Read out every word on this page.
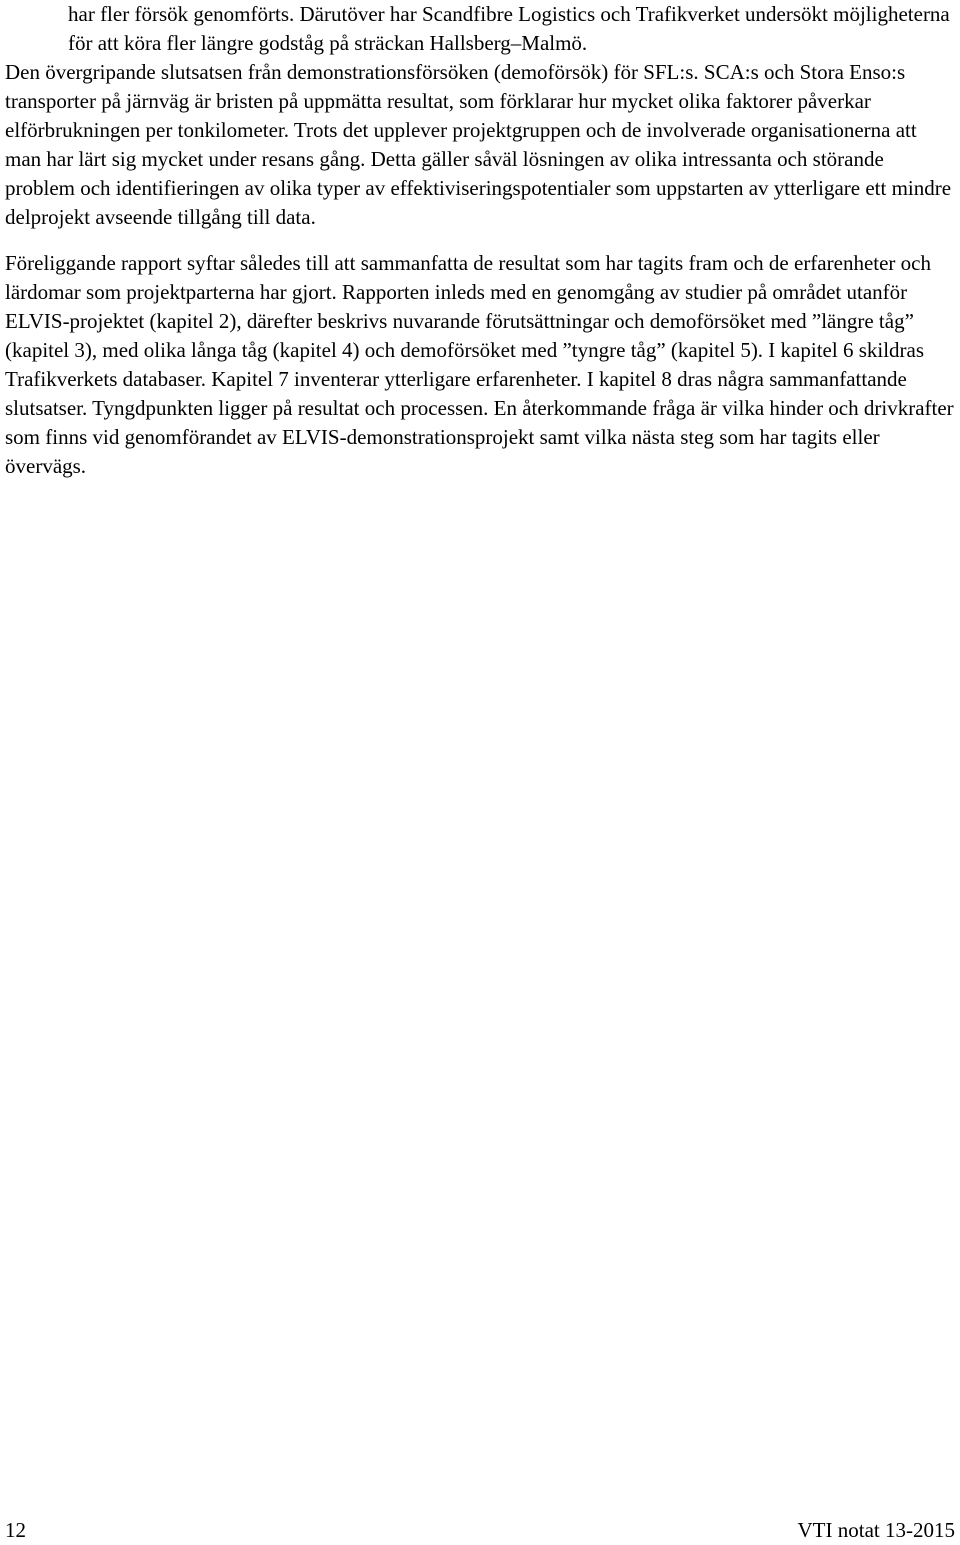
har fler försök genomförts. Därutöver har Scandfibre Logistics och Trafikverket undersökt möjligheterna för att köra fler längre godståg på sträckan Hallsberg–Malmö.

Den övergripande slutsatsen från demonstrationsförsöken (demoförsök) för SFL:s. SCA:s och Stora Enso:s transporter på järnväg är bristen på uppmätta resultat, som förklarar hur mycket olika faktorer påverkar elförbrukningen per tonkilometer. Trots det upplever projektgruppen och de involverade organisationerna att man har lärt sig mycket under resans gång. Detta gäller såväl lösningen av olika intressanta och störande problem och identifieringen av olika typer av effektiviseringspotentialer som uppstarten av ytterligare ett mindre delprojekt avseende tillgång till data.

Föreliggande rapport syftar således till att sammanfatta de resultat som har tagits fram och de erfarenheter och lärdomar som projektparterna har gjort. Rapporten inleds med en genomgång av studier på området utanför ELVIS-projektet (kapitel 2), därefter beskrivs nuvarande förutsättningar och demoförsöket med ”längre tåg” (kapitel 3), med olika långa tåg (kapitel 4) och demoförsöket med ”tyngre tåg” (kapitel 5). I kapitel 6 skildras Trafikverkets databaser. Kapitel 7 inventerar ytterligare erfarenheter. I kapitel 8 dras några sammanfattande slutsatser. Tyngdpunkten ligger på resultat och processen. En återkommande fråga är vilka hinder och drivkrafter som finns vid genomförandet av ELVIS-demonstrationsprojekt samt vilka nästa steg som har tagits eller övervägs.

12	VTI notat 13-2015
